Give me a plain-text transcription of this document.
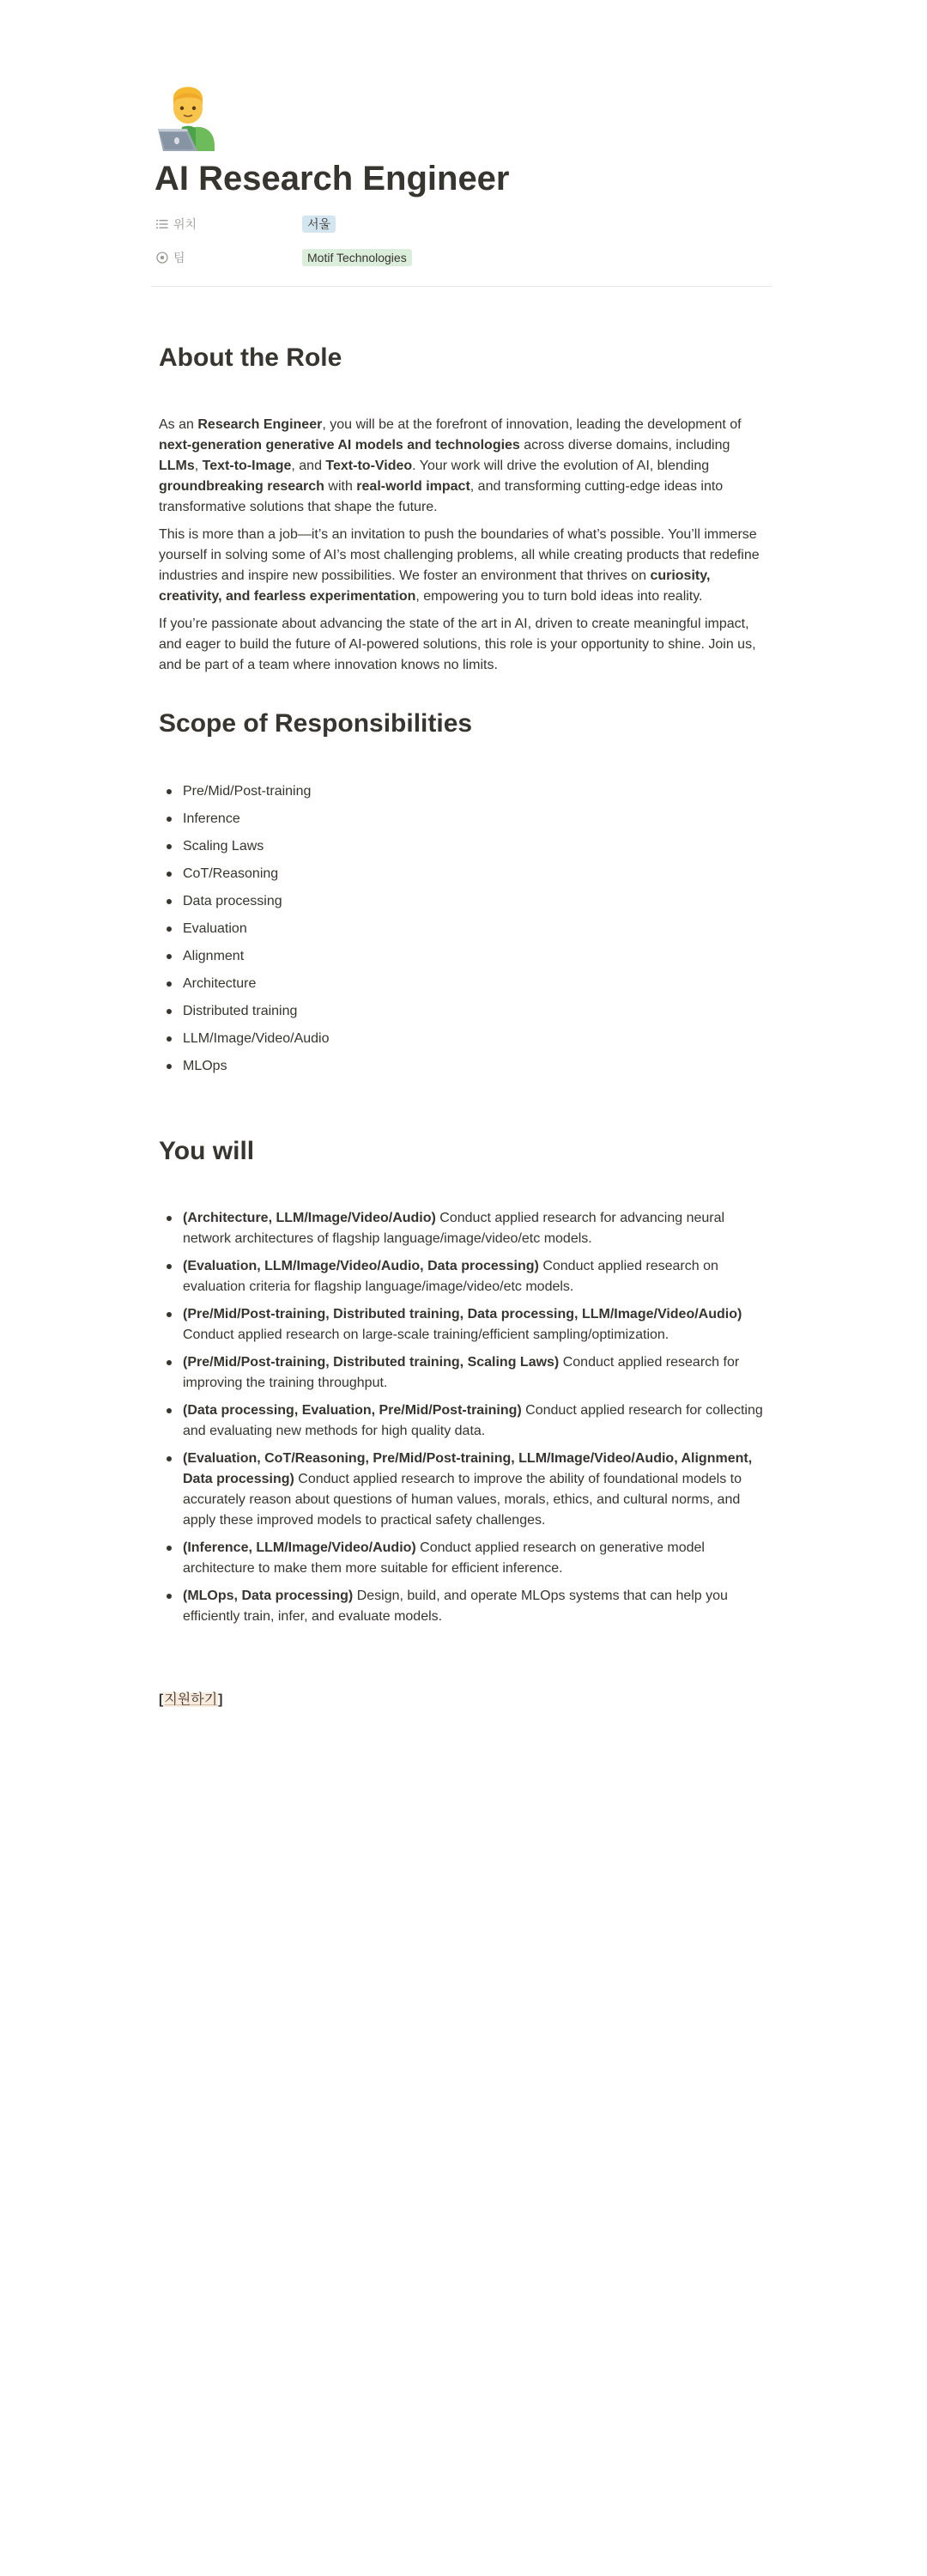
AI Research Engineer
위치	서울
팀	Motif Technologies
About the Role

As an Research Engineer, you will be at the forefront of innovation, leading the development of next-generation generative AI models and technologies across diverse domains, including LLMs, Text-to-Image, and Text-to-Video. Your work will drive the evolution of AI, blending groundbreaking research with real-world impact, and transforming cutting-edge ideas into transformative solutions that shape the future.

This is more than a job—it’s an invitation to push the boundaries of what’s possible. You’ll immerse yourself in solving some of AI’s most challenging problems, all while creating products that redefine industries and inspire new possibilities. We foster an environment that thrives on curiosity, creativity, and fearless experimentation, empowering you to turn bold ideas into reality.

If you’re passionate about advancing the state of the art in AI, driven to create meaningful impact, and eager to build the future of AI-powered solutions, this role is your opportunity to shine. Join us, and be part of a team where innovation knows no limits.

Scope of Responsibilities
Pre/Mid/Post-training
Inference
Scaling Laws
CoT/Reasoning
Data processing
Evaluation
Alignment
Architecture
Distributed training
LLM/Image/Video/Audio
MLOps
You will
(Architecture, LLM/Image/Video/Audio) Conduct applied research for advancing neural network architectures of flagship language/image/video/etc models.
(Evaluation, LLM/Image/Video/Audio, Data processing) Conduct applied research on evaluation criteria for flagship language/image/video/etc models.
(Pre/Mid/Post-training, Distributed training, Data processing, LLM/Image/Video/Audio) Conduct applied research on large-scale training/efficient sampling/optimization.
(Pre/Mid/Post-training, Distributed training, Scaling Laws) Conduct applied research for improving the training throughput.
(Data processing, Evaluation, Pre/Mid/Post-training) Conduct applied research for collecting and evaluating new methods for high quality data.
(Evaluation, CoT/Reasoning, Pre/Mid/Post-training, LLM/Image/Video/Audio, Alignment, Data processing) Conduct applied research to improve the ability of foundational models to accurately reason about questions of human values, morals, ethics, and cultural norms, and apply these improved models to practical safety challenges.
(Inference, LLM/Image/Video/Audio) Conduct applied research on generative model architecture to make them more suitable for efficient inference.
(MLOps, Data processing) Design, build, and operate MLOps systems that can help you efficiently train, infer, and evaluate models.
[지원하기]
